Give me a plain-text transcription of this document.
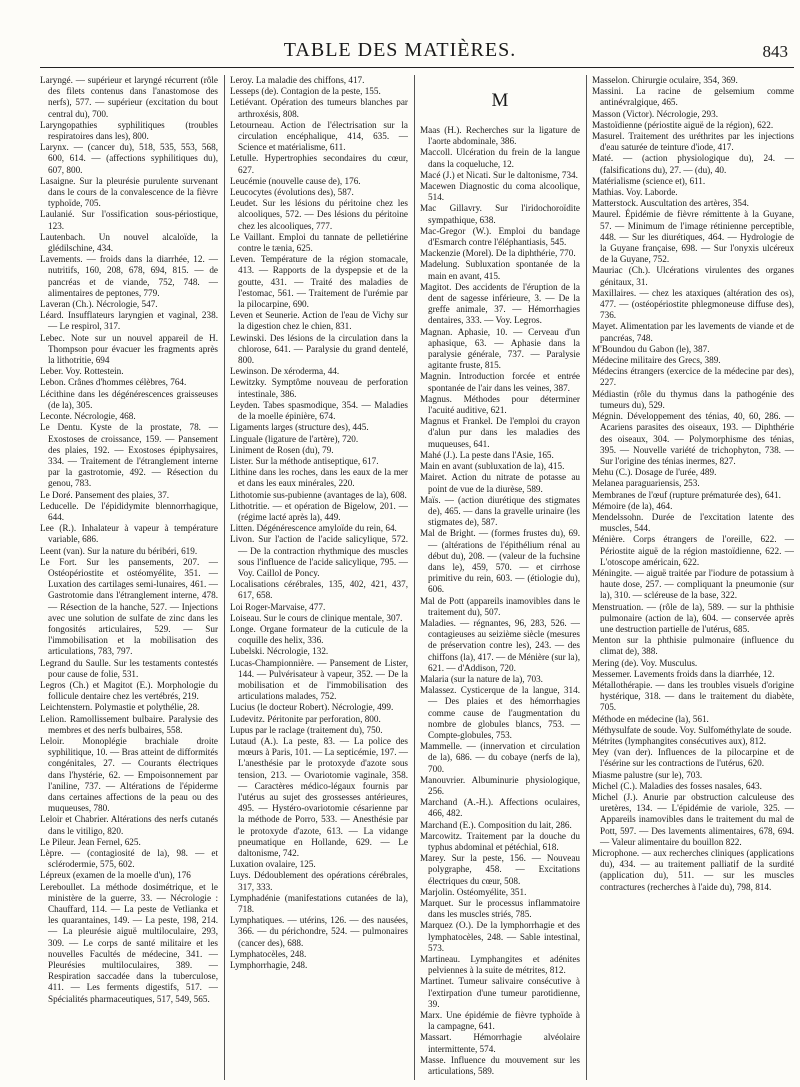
TABLE DES MATIÈRES.	843

Laryngé. — supérieur et laryngé récurrent (rôle des filets contenus dans l'anastomose des nerfs), 577. — supérieur (excitation du bout central du), 700.

Laryngopathies syphilitiques (troubles respiratoires dans les), 800.

Larynx. — (cancer du), 518, 535, 553, 568, 600, 614. — (affections syphilitiques du), 607, 800.

Lasaigne. Sur la pleurésie purulente survenant dans le cours de la convalescence de la fièvre typhoïde, 705.

Laulanié. Sur l'ossification sous-périostique, 123.

Lautenbach. Un nouvel alcaloïde, la glédilschine, 434.

Lavements. — froids dans la diarrhée, 12. — nutritifs, 160, 208, 678, 694, 815. — de pancréas et de viande, 752, 748. — alimentaires de peptones, 779.

Laveran (Ch.). Nécrologie, 547.

Léard. Insufflateurs laryngien et vaginal, 238. — Le respirol, 317.

Lebec. Note sur un nouvel appareil de H. Thompson pour évacuer les fragments après la lithotritie, 694

Leber. Voy. Rottestein.

Lebon. Crânes d'hommes célèbres, 764.

Lécithine dans les dégénérescences graisseuses (de la), 305.

Leconte. Nécrologie, 468.

Le Dentu. Kyste de la prostate, 78. — Exostoses de croissance, 159. — Pansement des plaies, 192. — Exostoses épiphysaires, 334. — Traitement de l'étranglement interne par la gastrotomie, 492. — Résection du genou, 783.

Le Doré. Pansement des plaies, 37.

Leducelle. De l'épididymite blennorrhagique, 644.

Lee (R.). Inhalateur à vapeur à température variable, 686.

Leent (van). Sur la nature du béribéri, 619.

Le Fort. Sur les pansements, 207. — Ostéopériostite et ostéomyélite, 351. — Luxation des cartilages semi-lunaires, 461. — Gastrotomie dans l'étranglement interne, 478. — Résection de la hanche, 527. — Injections avec une solution de sulfate de zinc dans les fongosités articulaires, 529. — Sur l'immobilisation et la mobilisation des articulations, 783, 797.

Legrand du Saulle. Sur les testaments contestés pour cause de folie, 531.

Legros (Ch.) et Magitot (E.). Morphologie du follicule dentaire chez les vertébrés, 219.

Leichtenstern. Polymastie et polythélie, 28.

Lelion. Ramollissement bulbaire. Paralysie des membres et des nerfs bulbaires, 558.

Leloir. Monoplégie brachiale droite syphilitique, 10. — Bras atteint de difformités congénitales, 27. — Courants électriques dans l'hystérie, 62. — Empoisonnement par l'aniline, 737. — Altérations de l'épiderme dans certaines affections de la peau ou des muqueuses, 780.

Leloir et Chabrier. Altérations des nerfs cutanés dans le vitiligo, 820.

Le Pileur. Jean Fernel, 625.

Lèpre. — (contagiosité de la), 98. — et sclérodermie, 575, 602.

Lépreux (examen de la moelle d'un), 176

Lereboullet. La méthode dosimétrique, et le ministère de la guerre, 33. — Nécrologie : Chauffard, 114. — La peste de Vetlianka et les quarantaines, 149. — La peste, 198, 214. — La pleurésie aiguë multiloculaire, 293, 309. — Le corps de santé militaire et les nouvelles Facultés de médecine, 341. — Pleurésies multiloculaires, 389. — Respiration saccadée dans la tuberculose, 411. — Les ferments digestifs, 517. — Spécialités pharmaceutiques, 517, 549, 565.

Leroy. La maladie des chiffons, 417.

Lesseps (de). Contagion de la peste, 155.

Letiévant. Opération des tumeurs blanches par arthroxésis, 808.

Letourneau. Action de l'électrisation sur la circulation encéphalique, 414, 635. — Science et matérialisme, 611.

Letulle. Hypertrophies secondaires du cœur, 627.

Leucémie (nouvelle cause de), 176.

Leucocytes (évolutions des), 587.

Leudet. Sur les lésions du péritoine chez les alcooliques, 572. — Des lésions du péritoine chez les alcooliques, 777.

Le Vaillant. Emploi du tannate de pelletiérine contre le tænia, 625.

Leven. Température de la région stomacale, 413. — Rapports de la dyspepsie et de la goutte, 431. — Traité des maladies de l'estomac, 561. — Traitement de l'urémie par la pilocarpine, 690.

Leven et Seunerie. Action de l'eau de Vichy sur la digestion chez le chien, 831.

Lewinski. Des lésions de la circulation dans la chlorose, 641. — Paralysie du grand dentelé, 800.

Lewinson. De xéroderma, 44.

Lewitzky. Symptôme nouveau de perforation intestinale, 386.

Leyden. Tabes spasmodique, 354. — Maladies de la moelle épinière, 674.

Ligaments larges (structure des), 445.

Linguale (ligature de l'artère), 720.

Liniment de Rosen (du), 79.

Lister. Sur la méthode antiseptique, 617.

Lithine dans les roches, dans les eaux de la mer et dans les eaux minérales, 220.

Lithotomie sus-pubienne (avantages de la), 608.

Lithotritie. — et opération de Bigelow, 201. — (régime lacté après la), 449.

Litten. Dégénérescence amyloïde du rein, 64.

Livon. Sur l'action de l'acide salicylique, 572. — De la contraction rhythmique des muscles sous l'influence de l'acide salicylique, 795. — Voy. Caillol de Poncy.

Localisations cérébrales, 135, 402, 421, 437, 617, 658.

Loi Roger-Marvaise, 477.

Loiseau. Sur le cours de clinique mentale, 307.

Longe. Organe formateur de la cuticule de la coquille des helix, 336.

Lubelski. Nécrologie, 132.

Lucas-Championnière. — Pansement de Lister, 144. — Pulvérisateur à vapeur, 352. — De la mobilisation et de l'immobilisation des articulations malades, 752.

Lucius (le docteur Robert). Nécrologie, 499.

Ludevitz. Péritonite par perforation, 800.

Lupus par le raclage (traitement du), 750.

Lutaud (A.). La peste, 83. — La police des mœurs à Paris, 101. — La septicémie, 197. — L'anesthésie par le protoxyde d'azote sous tension, 213. — Ovariotomie vaginale, 358. — Caractères médico-légaux fournis par l'utérus au sujet des grossesses antérieures, 495. — Hystéro-ovariotomie césarienne par la méthode de Porro, 533. — Anesthésie par le protoxyde d'azote, 613. — La vidange pneumatique en Hollande, 629. — Le daltonisme, 742.

Luxation ovalaire, 125.

Luys. Dédoublement des opérations cérébrales, 317, 333.

Lymphadénie (manifestations cutanées de la), 718.

Lymphatiques. — utérins, 126. — des nausées, 366. — du périchondre, 524. — pulmonaires (cancer des), 688.

Lymphatocèles, 248.

Lymphorrhagie, 248.

M

Maas (H.). Recherches sur la ligature de l'aorte abdominale, 386.

Maccoll. Ulcération du frein de la langue dans la coqueluche, 12.

Macé (J.) et Nicati. Sur le daltonisme, 734.

Macewen Diagnostic du coma alcoolique, 514.

Mac Gillavry. Sur l'iridochoroïdite sympathique, 638.

Mac-Gregor (W.). Emploi du bandage d'Esmarch contre l'éléphantiasis, 545.

Mackenzie (Morel). De la diphthérie, 770.

Madelung. Subluxation spontanée de la main en avant, 415.

Magitot. Des accidents de l'éruption de la dent de sagesse inférieure, 3. — De la greffe animale, 37. — Hémorrhagies dentaires, 333. — Voy. Legros.

Magnan. Aphasie, 10. — Cerveau d'un aphasique, 63. — Aphasie dans la paralysie générale, 737. — Paralysie agitante fruste, 815.

Magnin. Introduction forcée et entrée spontanée de l'air dans les veines, 387.

Magnus. Méthodes pour déterminer l'acuité auditive, 621.

Magnus et Frankel. De l'emploi du crayon d'alun pur dans les maladies des muqueuses, 641.

Mahé (J.). La peste dans l'Asie, 165.

Main en avant (subluxation de la), 415.

Mairet. Action du nitrate de potasse au point de vue de la diurèse, 589.

Maïs. — (action diurétique des stigmates de), 465. — dans la gravelle urinaire (les stigmates de), 587.

Mal de Bright. — (formes frustes du), 69. — (altérations de l'épithélium rénal au début du), 208. — (valeur de la fuchsine dans le), 459, 570. — et cirrhose primitive du rein, 603. — (étiologie du), 606.

Mal de Pott (appareils inamovibles dans le traitement du), 507.

Maladies. — régnantes, 96, 283, 526. — contagieuses au seizième siècle (mesures de préservation contre les), 243. — des chiffons (la), 417. — de Ménière (sur la), 621. — d'Addison, 720.

Malaria (sur la nature de la), 703.

Malassez. Cysticerque de la langue, 314. — Des plaies et des hémorrhagies comme cause de l'augmentation du nombre de globules blancs, 753. — Compte-globules, 753.

Mammelle. — (innervation et circulation de la), 686. — du cobaye (nerfs de la), 700.

Manouvrier. Albuminurie physiologique, 256.

Marchand (A.-H.). Affections oculaires, 466, 482.

Marchand (E.). Composition du lait, 286.

Marcowitz. Traitement par la douche du typhus abdominal et pétéchial, 618.

Marey. Sur la peste, 156. — Nouveau polygraphe, 458. — Excitations électriques du cœur, 508.

Marjolin. Ostéomyélite, 351.

Marquet. Sur le processus inflammatoire dans les muscles striés, 785.

Marquez (O.). De la lymphorrhagie et des lymphatocèles, 248. — Sable intestinal, 573.

Martineau. Lymphangites et adénites pelviennes à la suite de métrites, 812.

Martinet. Tumeur salivaire consécutive à l'extirpation d'une tumeur parotidienne, 39.

Marx. Une épidémie de fièvre typhoïde à la campagne, 641.

Massart. Hémorrhagie alvéolaire intermittente, 574.

Masse. Influence du mouvement sur les articulations, 589.

Masselon. Chirurgie oculaire, 354, 369.

Massini. La racine de gelsemium comme antinévralgique, 465.

Masson (Victor). Nécrologie, 293.

Mastoïdienne (périostite aiguë de la région), 622.

Masurel. Traitement des uréthrites par les injections d'eau saturée de teinture d'iode, 417.

Maté. — (action physiologique du), 24. — (falsifications du), 27. — (du), 40.

Matérialisme (science et), 611.

Mathias. Voy. Laborde.

Matterstock. Auscultation des artères, 354.

Maurel. Épidémie de fièvre rémittente à la Guyane, 57. — Minimum de l'image rétinienne perceptible, 448. — Sur les diurétiques, 464. — Hydrologie de la Guyane française, 698. — Sur l'onyxis ulcéreux de la Guyane, 752.

Mauriac (Ch.). Ulcérations virulentes des organes génitaux, 31.

Maxillaires. — chez les ataxiques (altération des os), 477. — (ostéopériostite phlegmoneuse diffuse des), 736.

Mayet. Alimentation par les lavements de viande et de pancréas, 748.

M'Boundou du Gabon (le), 387.

Médecine militaire des Grecs, 389.

Médecins étrangers (exercice de la médecine par des), 227.

Médiastin (rôle du thymus dans la pathogénie des tumeurs du), 529.

Mégnin. Développement des ténias, 40, 60, 286. — Acariens parasites des oiseaux, 193. — Diphthérie des oiseaux, 304. — Polymorphisme des ténias, 395. — Nouvelle variété de trichophyton, 738. — Sur l'origine des ténias inermes, 827.

Mehu (C.). Dosage de l'urée, 489.

Melanea paraguariensis, 253.

Membranes de l'œuf (rupture prématurée des), 641.

Mémoire (de la), 464.

Mendelssohn. Durée de l'excitation latente des muscles, 544.

Ménière. Corps étrangers de l'oreille, 622. — Périostite aiguë de la région mastoïdienne, 622. — L'otoscope américain, 622.

Méningite. — aiguë traitée par l'iodure de potassium à haute dose, 257. — compliquant la pneumonie (sur la), 310. — scléreuse de la base, 322.

Menstruation. — (rôle de la), 589. — sur la phthisie pulmonaire (action de la), 604. — conservée après une destruction partielle de l'utérus, 685.

Menton sur la phthisie pulmonaire (influence du climat de), 388.

Mering (de). Voy. Musculus.

Messemer. Lavements froids dans la diarrhée, 12.

Métallothérapie. — dans les troubles visuels d'origine hystérique, 318. — dans le traitement du diabète, 705.

Méthode en médecine (la), 561.

Méthysulfate de soude. Voy. Sulfométhylate de soude.

Métrites (lymphangites consécutives aux), 812.

Mey (van der). Influences de la pilocarpine et de l'ésérine sur les contractions de l'utérus, 620.

Miasme palustre (sur le), 703.

Michel (C.). Maladies des fosses nasales, 643.

Michel (J.). Anurie par obstruction calculeuse des uretères, 134. — L'épidémie de variole, 325. — Appareils inamovibles dans le traitement du mal de Pott, 597. — Des lavements alimentaires, 678, 694. — Valeur alimentaire du bouillon 822.

Microphone. — aux recherches cliniques (applications du), 434. — au traitement palliatif de la surdité (application du), 511. — sur les muscles contractures (recherches à l'aide du), 798, 814.
